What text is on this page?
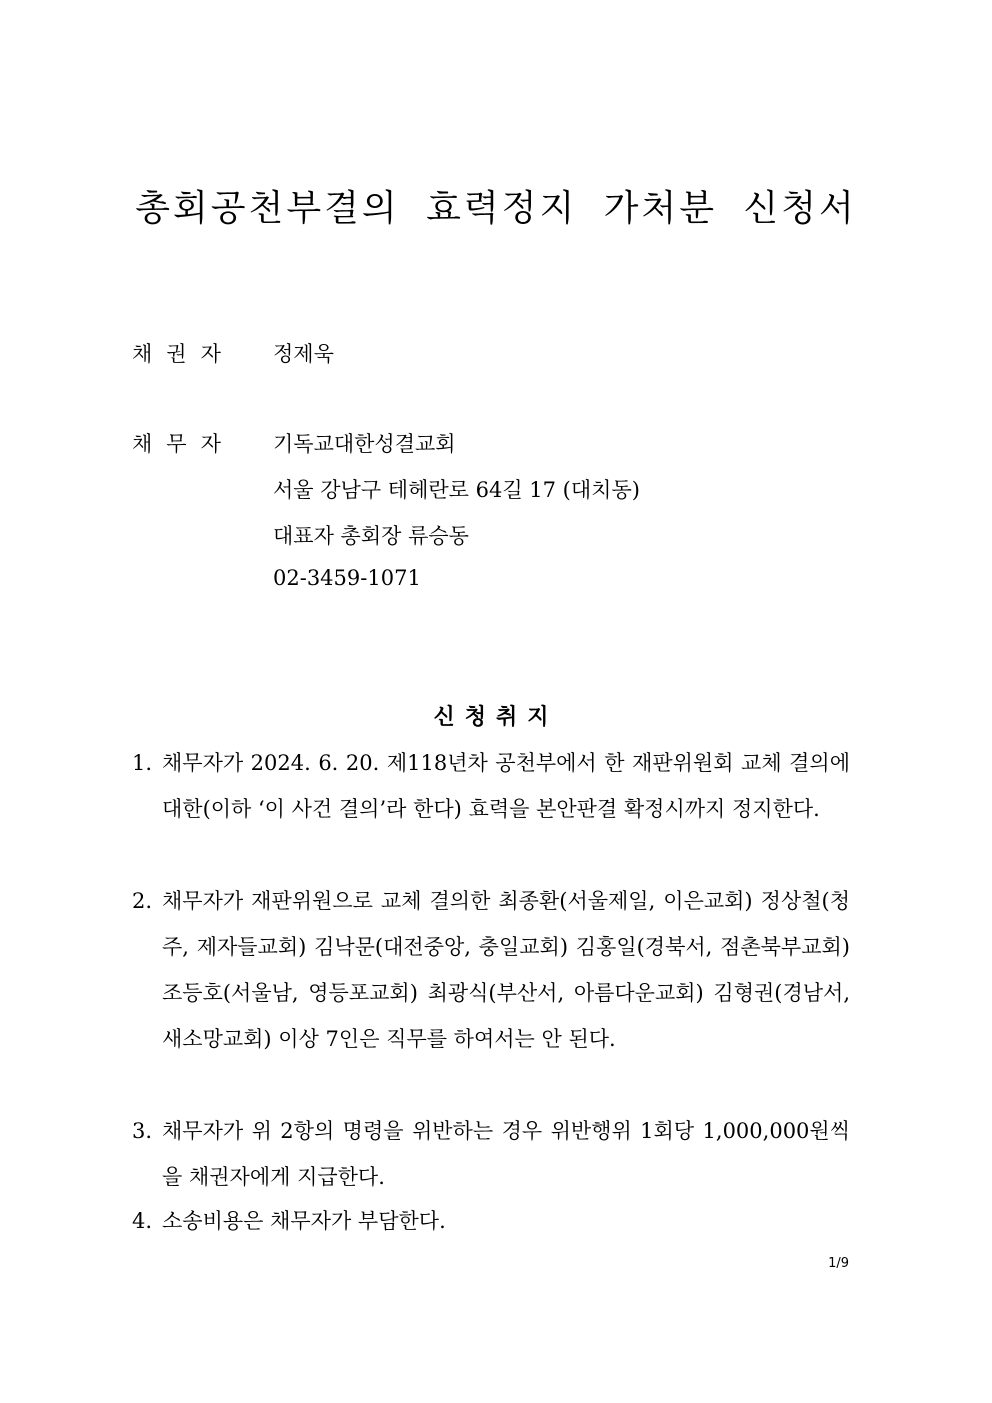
총회공천부결의 효력정지 가처분 신청서
채권자 정제욱
채무자 기독교대한성결교회
서울 강남구 테헤란로 64길 17 (대치동)
대표자 총회장 류승동
02-3459-1071
신청취지
1. 채무자가 2024. 6. 20. 제118년차 공천부에서 한 재판위원회 교체 결의에 대한(이하 ‘이 사건 결의’라 한다) 효력을 본안판결 확정시까지 정지한다.
2. 채무자가 재판위원으로 교체 결의한 최종환(서울제일, 이은교회) 정상철(청주, 제자들교회) 김낙문(대전중앙, 충일교회) 김홍일(경북서, 점촌북부교회) 조등호(서울남, 영등포교회) 최광식(부산서, 아름다운교회) 김형권(경남서, 새소망교회) 이상 7인은 직무를 하여서는 안 된다.
3. 채무자가 위 2항의 명령을 위반하는 경우 위반행위 1회당 1,000,000원씩을 채권자에게 지급한다.
4. 소송비용은 채무자가 부담한다.
1/9
